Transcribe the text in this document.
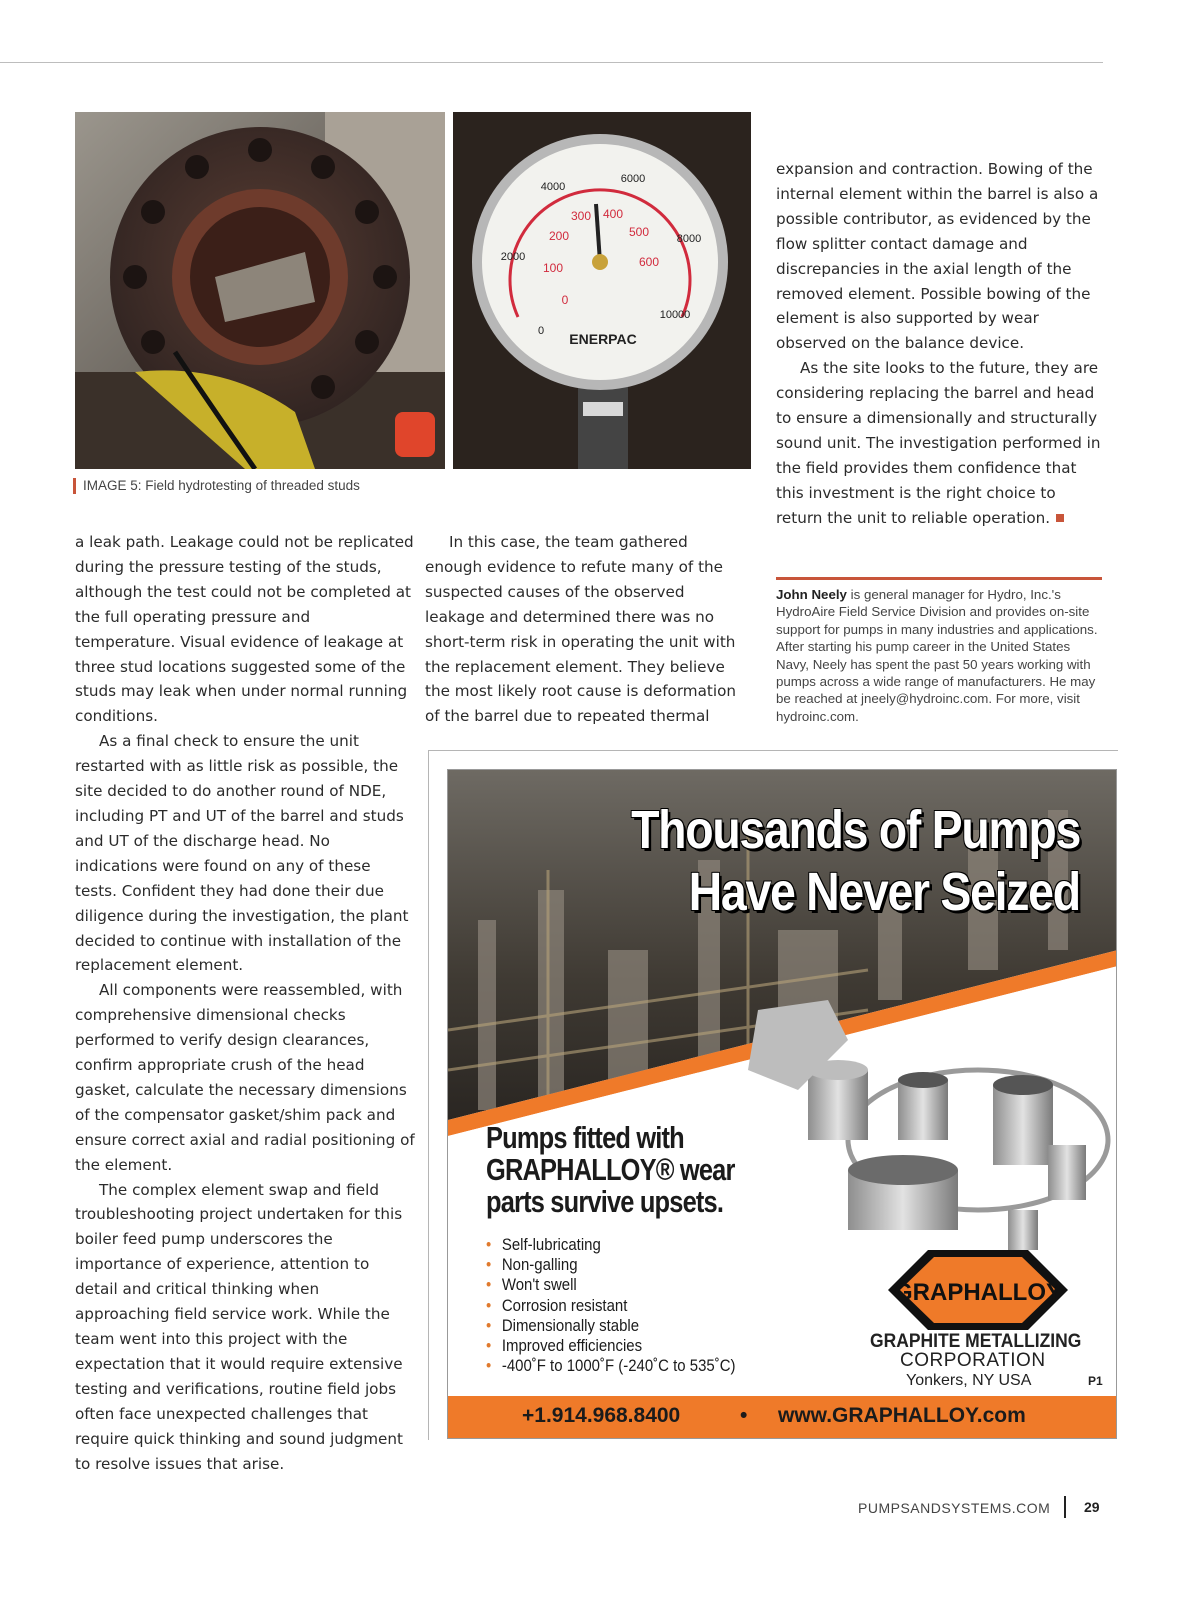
0
100
200
300 400
500
600
0
2000
4000
6000
8000
10000
ENERPAC
IMAGE 5: Field hydrotesting of threaded studs

a leak path. Leakage could not be replicated during the pressure testing of the studs, although the test could not be completed at the full operating pressure and temperature. Visual evidence of leakage at three stud locations suggested some of the studs may leak when under normal running conditions.

As a final check to ensure the unit restarted with as little risk as possible, the site decided to do another round of NDE, including PT and UT of the barrel and studs and UT of the discharge head. No indications were found on any of these tests. Confident they had done their due diligence during the investigation, the plant decided to continue with installation of the replacement element.

All components were reassembled, with comprehensive dimensional checks performed to verify design clearances, confirm appropriate crush of the head gasket, calculate the necessary dimensions of the compensator gasket/shim pack and ensure correct axial and radial positioning of the element.

The complex element swap and field troubleshooting project undertaken for this boiler feed pump underscores the importance of experience, attention to detail and critical thinking when approaching field service work. While the team went into this project with the expectation that it would require extensive testing and verifications, routine field jobs often face unexpected challenges that require quick thinking and sound judgment to resolve issues that arise.

In this case, the team gathered enough evidence to refute many of the suspected causes of the observed leakage and determined there was no short-term risk in operating the unit with the replacement element. They believe the most likely root cause is deformation of the barrel due to repeated thermal

expansion and contraction. Bowing of the internal element within the barrel is also a possible contributor, as evidenced by the flow splitter contact damage and discrepancies in the axial length of the removed element. Possible bowing of the element is also supported by wear observed on the balance device.

As the site looks to the future, they are considering replacing the barrel and head to ensure a dimensionally and structurally sound unit. The investigation performed in the field provides them confidence that this investment is the right choice to return the unit to reliable operation.

John Neely is general manager for Hydro, Inc.'s HydroAire Field Service Division and provides on-site support for pumps in many industries and applications. After starting his pump career in the United States Navy, Neely has spent the past 50 years working with pumps across a wide range of manufacturers. He may be reached at jneely@hydroinc.com. For more, visit hydroinc.com.
GRAPHALLOY
Thousands of Pumps
Have Never Seized
Pumps fitted with
GRAPHALLOY® wear
parts survive upsets.
• Self-lubricating
• Non-galling
• Won't swell
• Corrosion resistant
• Dimensionally stable
• Improved efficiencies
• -400˚F to 1000˚F (-240˚C to 535˚C)
GRAPHITE METALLIZING
CORPORATION
Yonkers, NY USA	P1
+1.914.968.8400	• www.GRAPHALLOY.com
PUMPSANDSYSTEMS.COM 29
